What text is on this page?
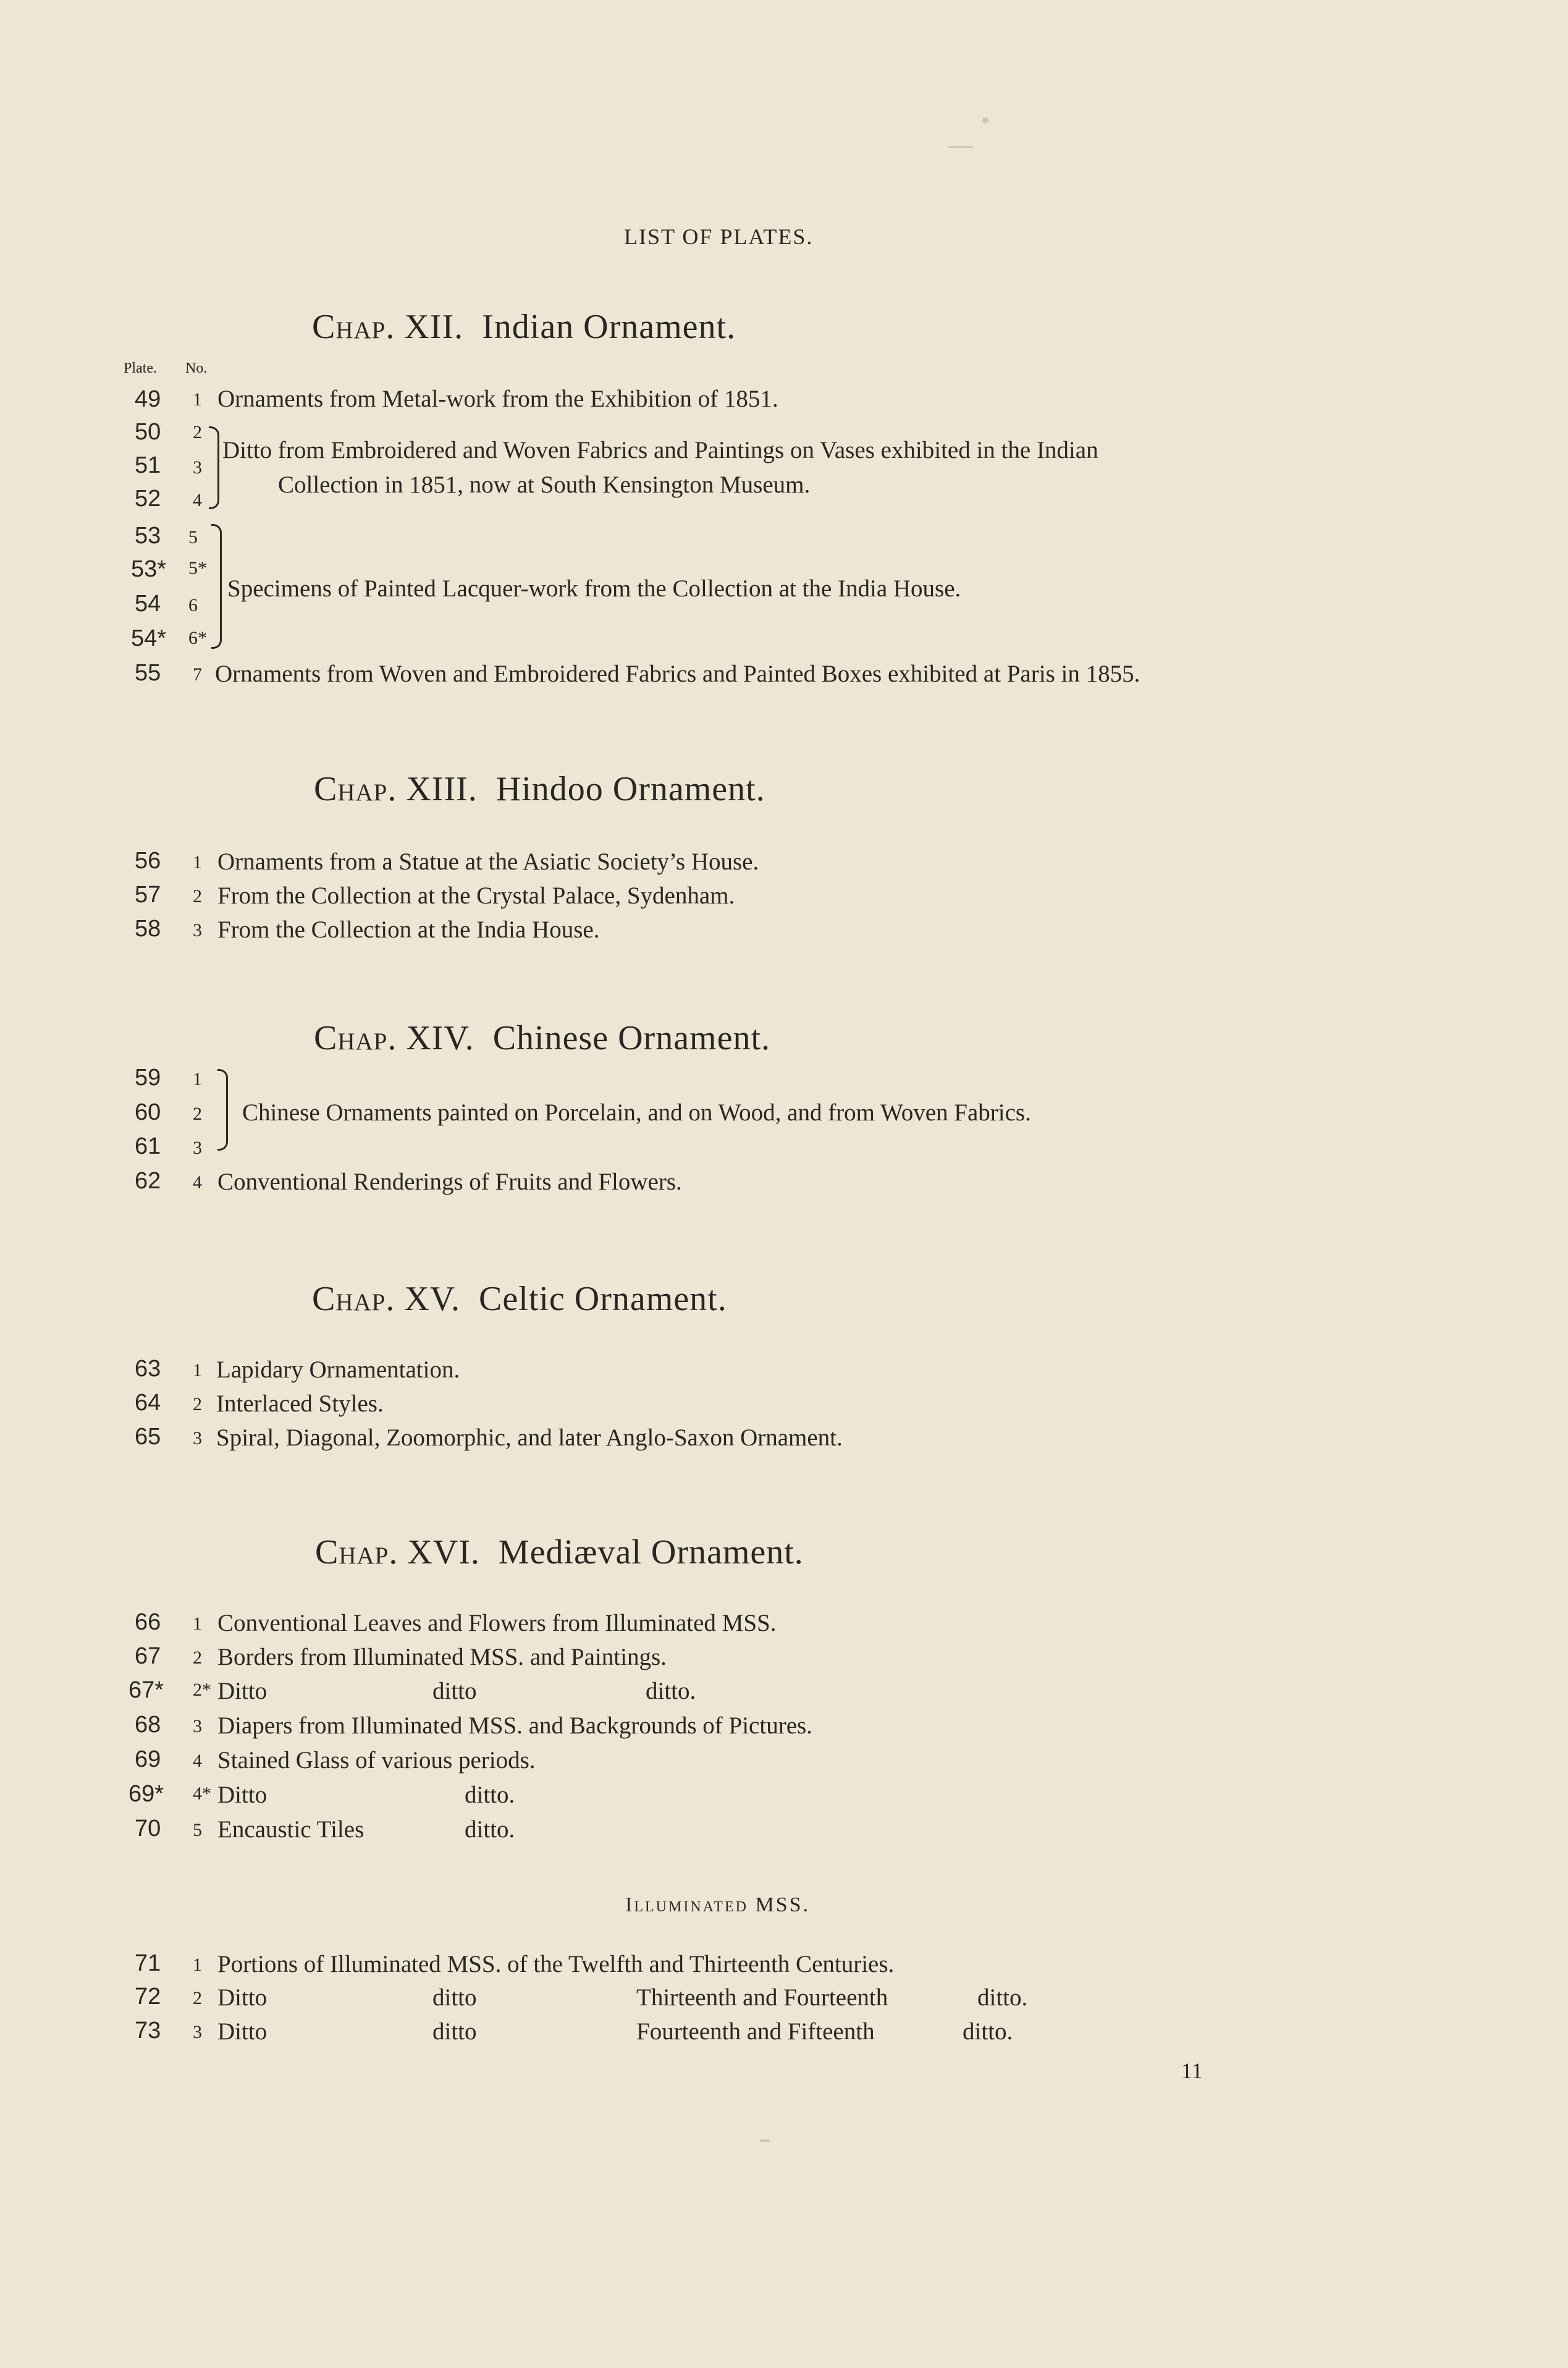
LIST OF PLATES.
Chap. XII. Indian Ornament.
Plate. No.
49 1 Ornaments from Metal-work from the Exhibition of 1851.
50 2
51 3
52 4
Ditto from Embroidered and Woven Fabrics and Paintings on Vases exhibited in the Indian
Collection in 1851, now at South Kensington Museum.
53 5
53* 5*
54 6
54* 6*
Specimens of Painted Lacquer-work from the Collection at the India House.
55 7 Ornaments from Woven and Embroidered Fabrics and Painted Boxes exhibited at Paris in 1855.
Chap. XIII. Hindoo Ornament.
56 1 Ornaments from a Statue at the Asiatic Society’s House.
57 2 From the Collection at the Crystal Palace, Sydenham.
58 3 From the Collection at the India House.
Chap. XIV. Chinese Ornament.
59 1
60 2
61 3
Chinese Ornaments painted on Porcelain, and on Wood, and from Woven Fabrics.
62 4 Conventional Renderings of Fruits and Flowers.
Chap. XV. Celtic Ornament.
63 1 Lapidary Ornamentation.
64 2 Interlaced Styles.
65 3 Spiral, Diagonal, Zoomorphic, and later Anglo-Saxon Ornament.
Chap. XVI. Mediæval Ornament.
66 1 Conventional Leaves and Flowers from Illuminated MSS.
67 2 Borders from Illuminated MSS. and Paintings.
67* 2* Ditto	ditto	ditto.
68 3 Diapers from Illuminated MSS. and Backgrounds of Pictures.
69 4 Stained Glass of various periods.
69* 4* Ditto	ditto.
70 5 Encaustic Tiles	ditto.
Illuminated MSS.
71 1 Portions of Illuminated MSS. of the Twelfth and Thirteenth Centuries.
72 2 Ditto	ditto	Thirteenth and Fourteenth	ditto.
73 3 Ditto	ditto	Fourteenth and Fifteenth	ditto.
11
